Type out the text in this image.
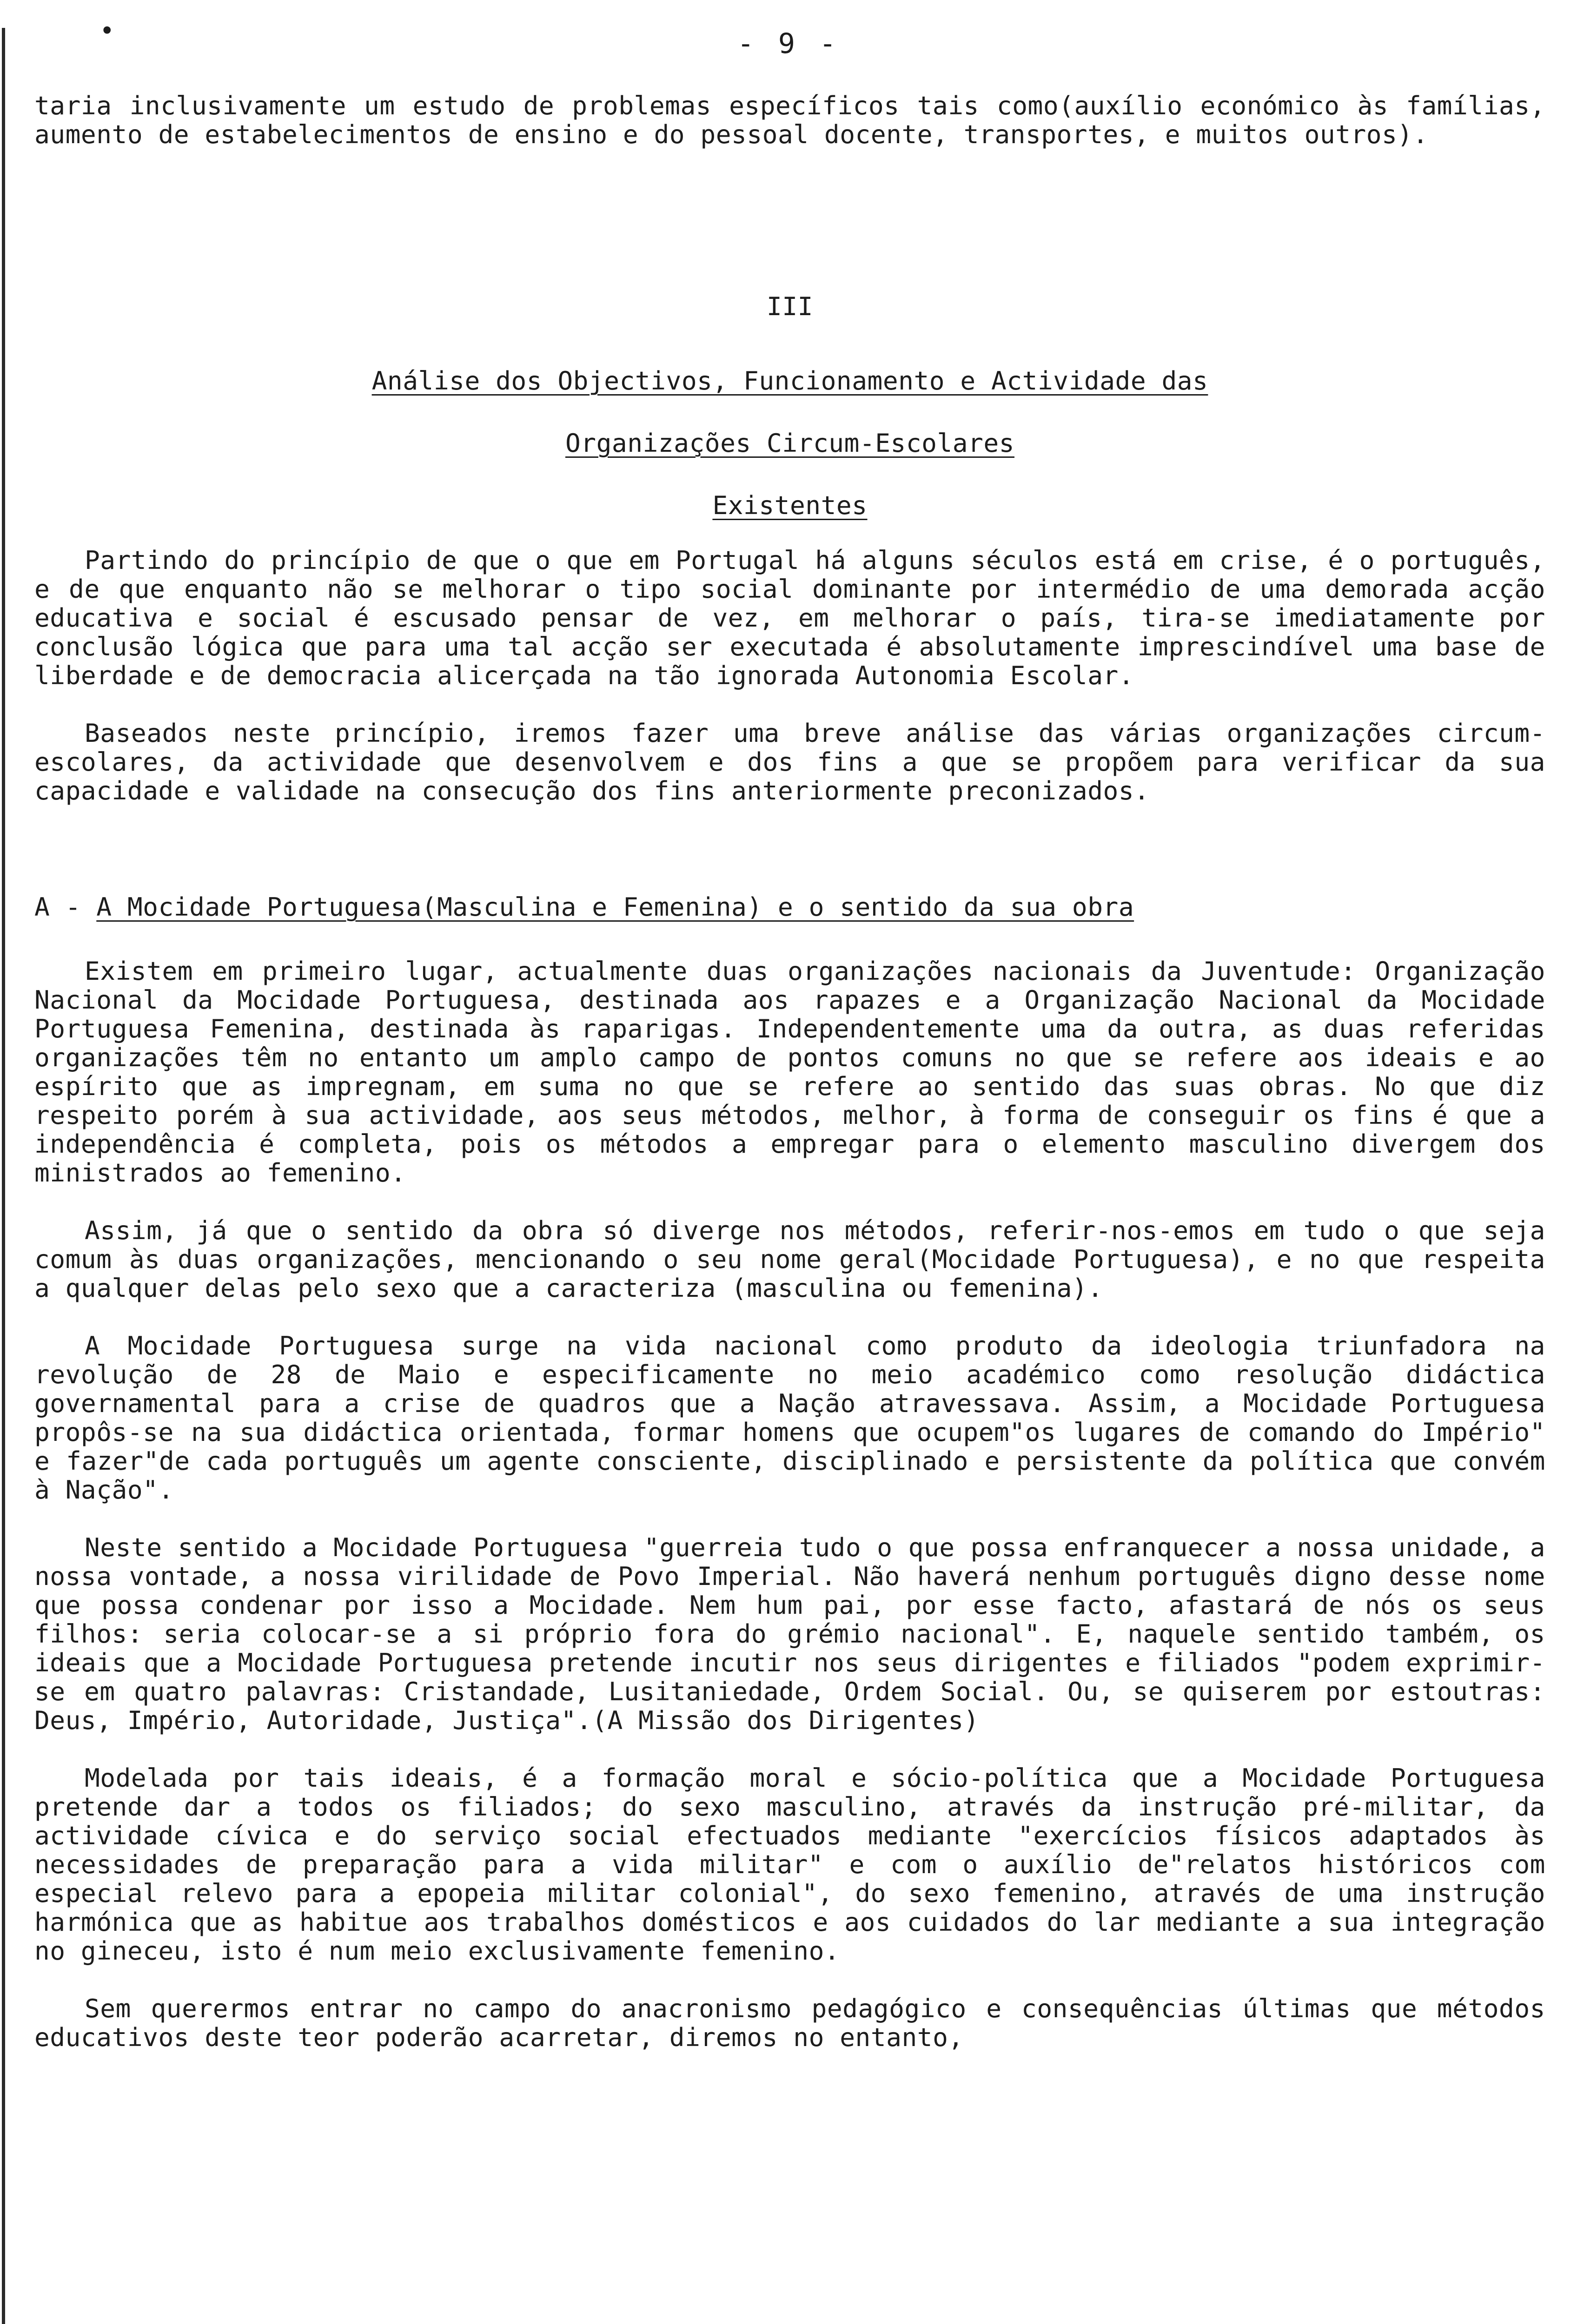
•	- 9 -

taria inclusivamente um estudo de problemas específicos tais como(auxílio económico às famílias, aumento de estabelecimentos de ensino e do pessoal docente, transportes, e muitos outros).

III
Análise dos Objectivos, Funcionamento e Actividade das
Organizações Circum-Escolares
Existentes

Partindo do princípio de que o que em Portugal há alguns séculos está em crise, é o português, e de que enquanto não se melhorar o tipo social dominante por intermédio de uma demorada acção educativa e social é escusado pensar de vez, em melhorar o país, tira-se imediatamente por conclusão lógica que para uma tal acção ser executada é absolutamente imprescindível uma base de liberdade e de democracia alicerçada na tão ignorada Autonomia Escolar.

Baseados neste princípio, iremos fazer uma breve análise das várias organizações circum-escolares, da actividade que desenvolvem e dos fins a que se propõem para verificar da sua capacidade e validade na consecução dos fins anteriormente preconizados.

A - A Mocidade Portuguesa(Masculina e Femenina) e o sentido da sua obra

Existem em primeiro lugar, actualmente duas organizações nacionais da Juventude: Organização Nacional da Mocidade Portuguesa, destinada aos rapazes e a Organização Nacional da Mocidade Portuguesa Femenina, destinada às raparigas. Independentemente uma da outra, as duas referidas organizações têm no entanto um amplo campo de pontos comuns no que se refere aos ideais e ao espírito que as impregnam, em suma no que se refere ao sentido das suas obras. No que diz respeito porém à sua actividade, aos seus métodos, melhor, à forma de conseguir os fins é que a independência é completa, pois os métodos a empregar para o elemento masculino divergem dos ministrados ao femenino.

Assim, já que o sentido da obra só diverge nos métodos, referir-nos-emos em tudo o que seja comum às duas organizações, mencionando o seu nome geral(Mocidade Portuguesa), e no que respeita a qualquer delas pelo sexo que a caracteriza (masculina ou femenina).

A Mocidade Portuguesa surge na vida nacional como produto da ideologia triunfadora na revolução de 28 de Maio e especificamente no meio académico como resolução didáctica governamental para a crise de quadros que a Nação atravessava. Assim, a Mocidade Portuguesa propôs-se na sua didáctica orientada, formar homens que ocupem"os lugares de comando do Império" e fazer"de cada português um agente consciente, disciplinado e persistente da política que convém à Nação".

Neste sentido a Mocidade Portuguesa "guerreia tudo o que possa enfranquecer a nossa unidade, a nossa vontade, a nossa virilidade de Povo Imperial. Não haverá nenhum português digno desse nome que possa condenar por isso a Mocidade. Nem hum pai, por esse facto, afastará de nós os seus filhos: seria colocar-se a si próprio fora do grémio nacional". E, naquele sentido também, os ideais que a Mocidade Portuguesa pretende incutir nos seus dirigentes e filiados "podem exprimir-se em quatro palavras: Cristandade, Lusitaniedade, Ordem Social. Ou, se quiserem por estoutras: Deus, Império, Autoridade, Justiça".(A Missão dos Dirigentes)

Modelada por tais ideais, é a formação moral e sócio-política que a Mocidade Portuguesa pretende dar a todos os filiados; do sexo masculino, através da instrução pré-militar, da actividade cívica e do serviço social efectuados mediante "exercícios físicos adaptados às necessidades de preparação para a vida militar" e com o auxílio de"relatos históricos com especial relevo para a epopeia militar colonial", do sexo femenino, através de uma instrução harmónica que as habitue aos trabalhos domésticos e aos cuidados do lar mediante a sua integração no gineceu, isto é num meio exclusivamente femenino.

Sem querermos entrar no campo do anacronismo pedagógico e consequências últimas que métodos educativos deste teor poderão acarretar, diremos no entanto,
